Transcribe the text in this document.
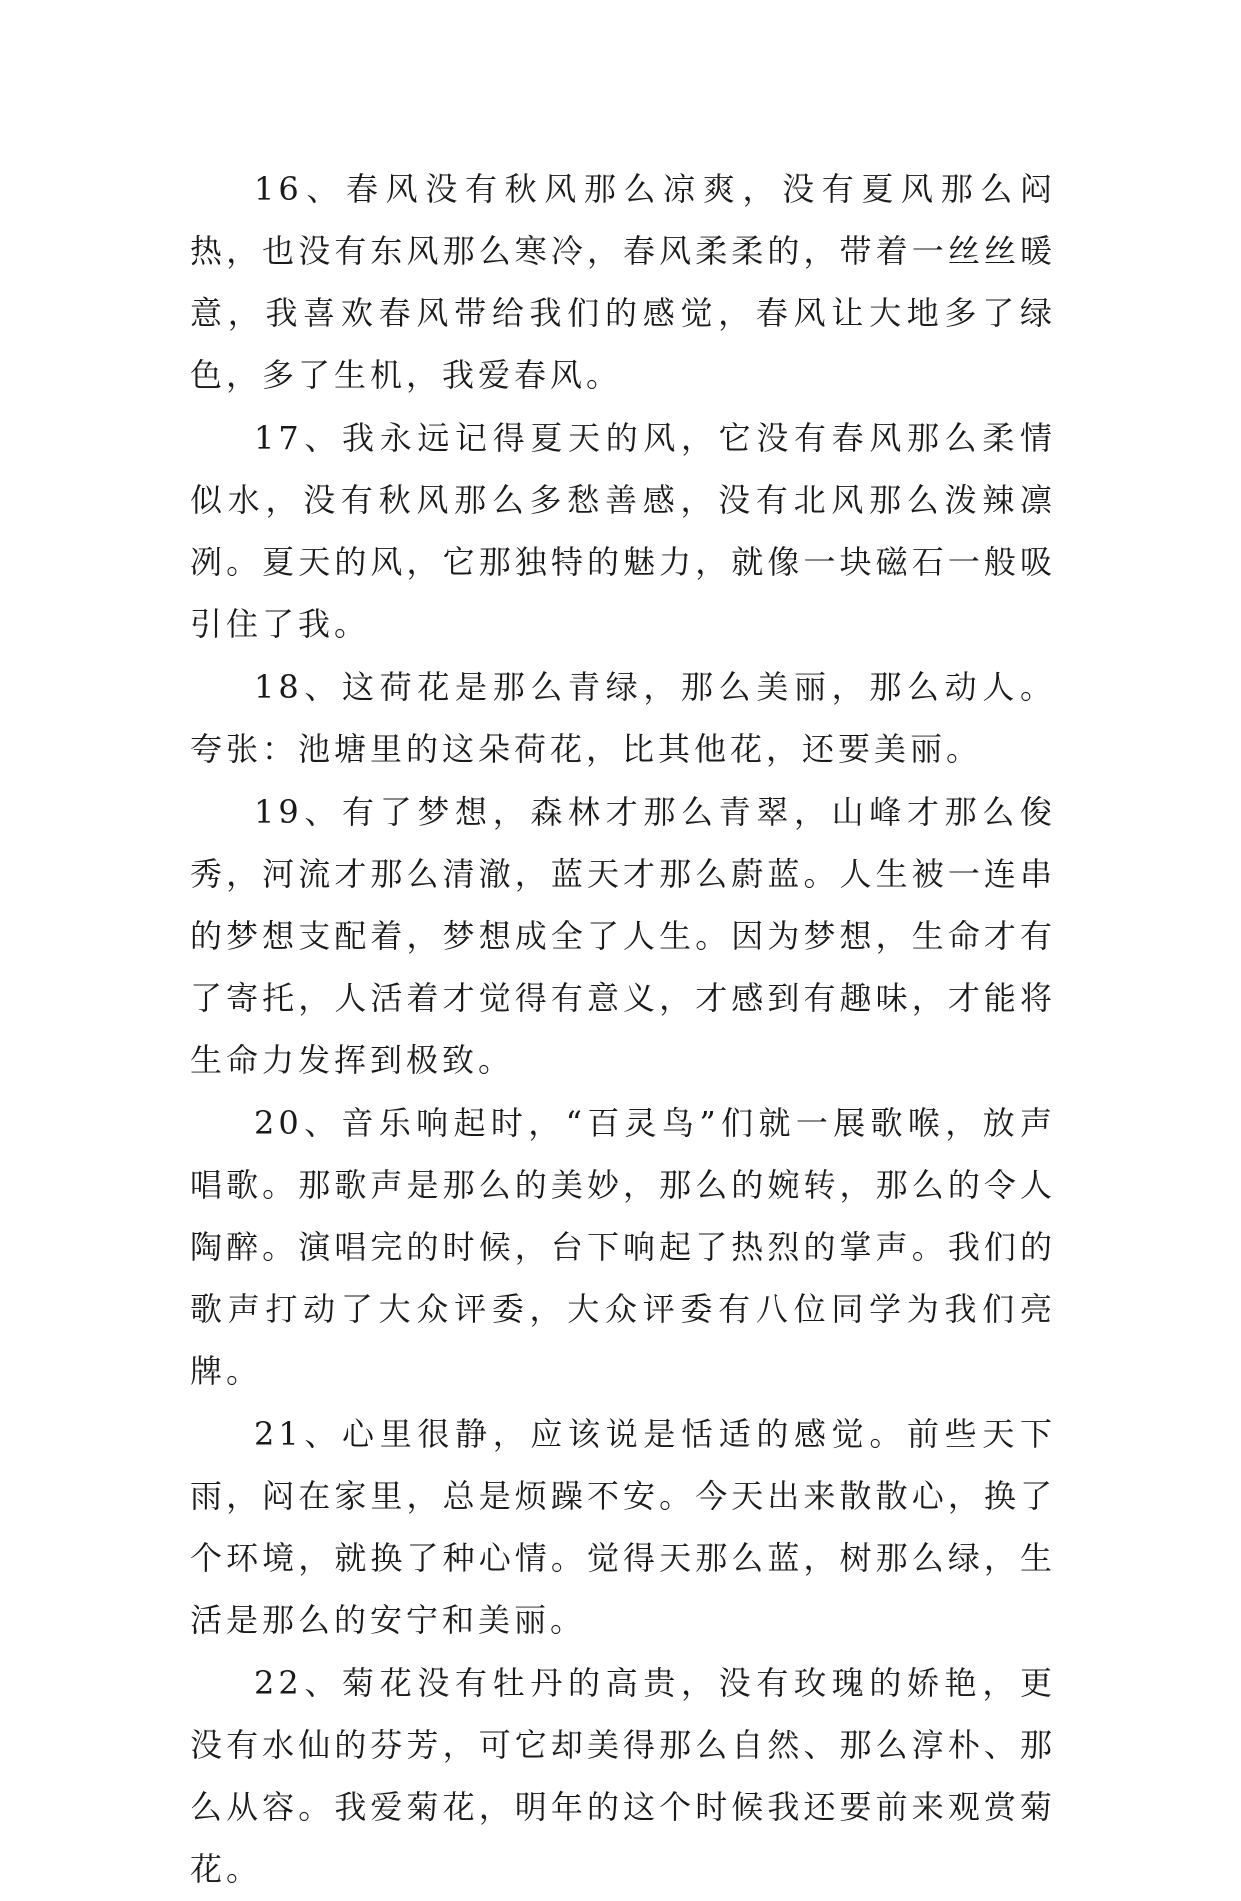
16、春风没有秋风那么凉爽，没有夏风那么闷热，也没有东风那么寒冷，春风柔柔的，带着一丝丝暖意，我喜欢春风带给我们的感觉，春风让大地多了绿色，多了生机，我爱春风。

17、我永远记得夏天的风，它没有春风那么柔情似水，没有秋风那么多愁善感，没有北风那么泼辣凛冽。夏天的风，它那独特的魅力，就像一块磁石一般吸引住了我。

18、这荷花是那么青绿，那么美丽，那么动人。夸张：池塘里的这朵荷花，比其他花，还要美丽。

19、有了梦想，森林才那么青翠，山峰才那么俊秀，河流才那么清澈，蓝天才那么蔚蓝。人生被一连串的梦想支配着，梦想成全了人生。因为梦想，生命才有了寄托，人活着才觉得有意义，才感到有趣味，才能将生命力发挥到极致。

20、音乐响起时，“百灵鸟”们就一展歌喉，放声唱歌。那歌声是那么的美妙，那么的婉转，那么的令人陶醉。演唱完的时候，台下响起了热烈的掌声。我们的歌声打动了大众评委，大众评委有八位同学为我们亮牌。

21、心里很静，应该说是恬适的感觉。前些天下雨，闷在家里，总是烦躁不安。今天出来散散心，换了个环境，就换了种心情。觉得天那么蓝，树那么绿，生活是那么的安宁和美丽。

22、菊花没有牡丹的高贵，没有玫瑰的娇艳，更没有水仙的芬芳，可它却美得那么自然、那么淳朴、那么从容。我爱菊花，明年的这个时候我还要前来观赏菊花。
